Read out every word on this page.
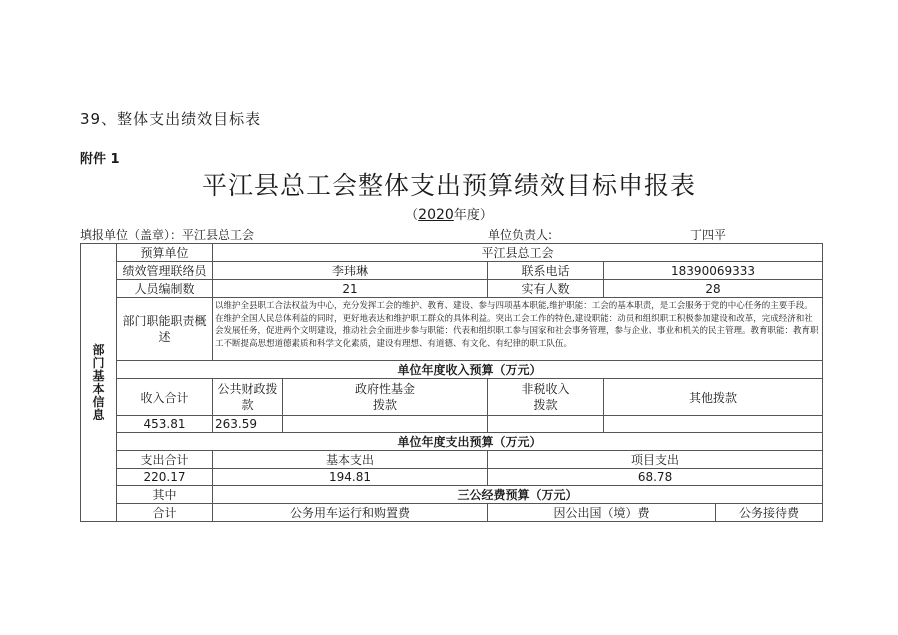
39、整体支出绩效目标表
附件 1
平江县总工会整体支出预算绩效目标申报表
（2020年度）
填报单位（盖章）：平江县总工会	单位负责人:	丁四平
部门基本信息	预算单位	平江县总工会				
	绩效管理联络员	李玮琳		联系电话	18390069333	
	人员编制数	21		实有人数	28	
	部门职能职责概述	以维护全县职工合法权益为中心，充分发挥工会的维护、教育、建设、参与四项基本职能,维护职能：工会的基本职责，是工会服务于党的中心任务的主要手段。在维护全国人民总体利益的同时，更好地表达和维护职工群众的具体利益。突出工会工作的特色,建设职能：动员和组织职工积极参加建设和改革，完成经济和社会发展任务，促进两个文明建设，推动社会全面进步参与职能：代表和组织职工参与国家和社会事务管理，参与企业、事业和机关的民主管理。教育职能：教育职工不断提高思想道德素质和科学文化素质，建设有理想、有道德、有文化、有纪律的职工队伍。				
	单位年度收入预算（万元）					
	收入合计	公共财政拨款	政府性基金拨款	非税收入拨款	其他拨款	
	453.81	263.59				
	单位年度支出预算（万元）					
	支出合计	基本支出		项目支出		
	220.17	194.81		68.78		
	其中	三公经费预算（万元）				
	合计	公务用车运行和购置费		因公出国（境）费		公务接待费
